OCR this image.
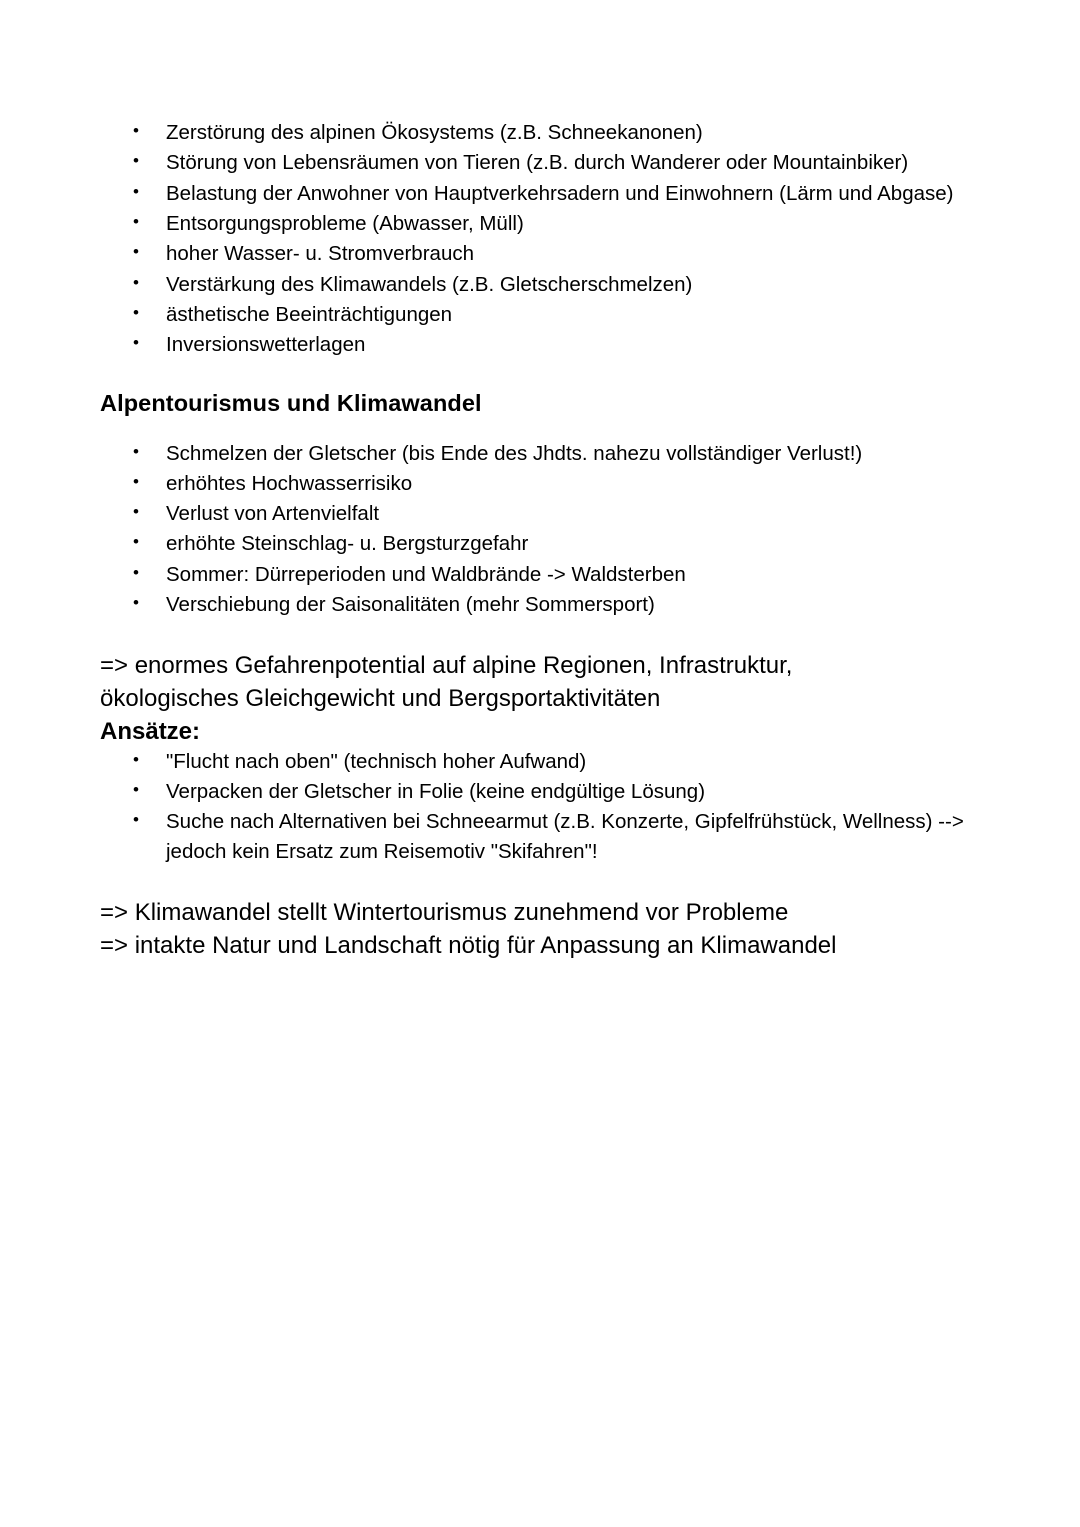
• Zerstörung des alpinen Ökosystems (z.B. Schneekanonen)
• Störung von Lebensräumen von Tieren (z.B. durch Wanderer oder Mountainbiker)
• Belastung der Anwohner von Hauptverkehrsadern und Einwohnern (Lärm und Abgase)
• Entsorgungsprobleme (Abwasser, Müll)
• hoher Wasser- u. Stromverbrauch
• Verstärkung des Klimawandels (z.B. Gletscherschmelzen)
• ästhetische Beeinträchtigungen
• Inversionswetterlagen
Alpentourismus und Klimawandel
• Schmelzen der Gletscher (bis Ende des Jhdts. nahezu vollständiger Verlust!)
• erhöhtes Hochwasserrisiko
• Verlust von Artenvielfalt
• erhöhte Steinschlag- u. Bergsturzgefahr
• Sommer: Dürreperioden und Waldbrände -> Waldsterben
• Verschiebung der Saisonalitäten (mehr Sommersport)

=> enormes Gefahrenpotential auf alpine Regionen, Infrastruktur,

ökologisches Gleichgewicht und Bergsportaktivitäten

Ansätze:

• "Flucht nach oben" (technisch hoher Aufwand)
• Verpacken der Gletscher in Folie (keine endgültige Lösung)
• Suche nach Alternativen bei Schneearmut (z.B. Konzerte, Gipfelfrühstück, Wellness) --> jedoch kein Ersatz zum Reisemotiv "Skifahren"!

=> Klimawandel stellt Wintertourismus zunehmend vor Probleme

=> intakte Natur und Landschaft nötig für Anpassung an Klimawandel
